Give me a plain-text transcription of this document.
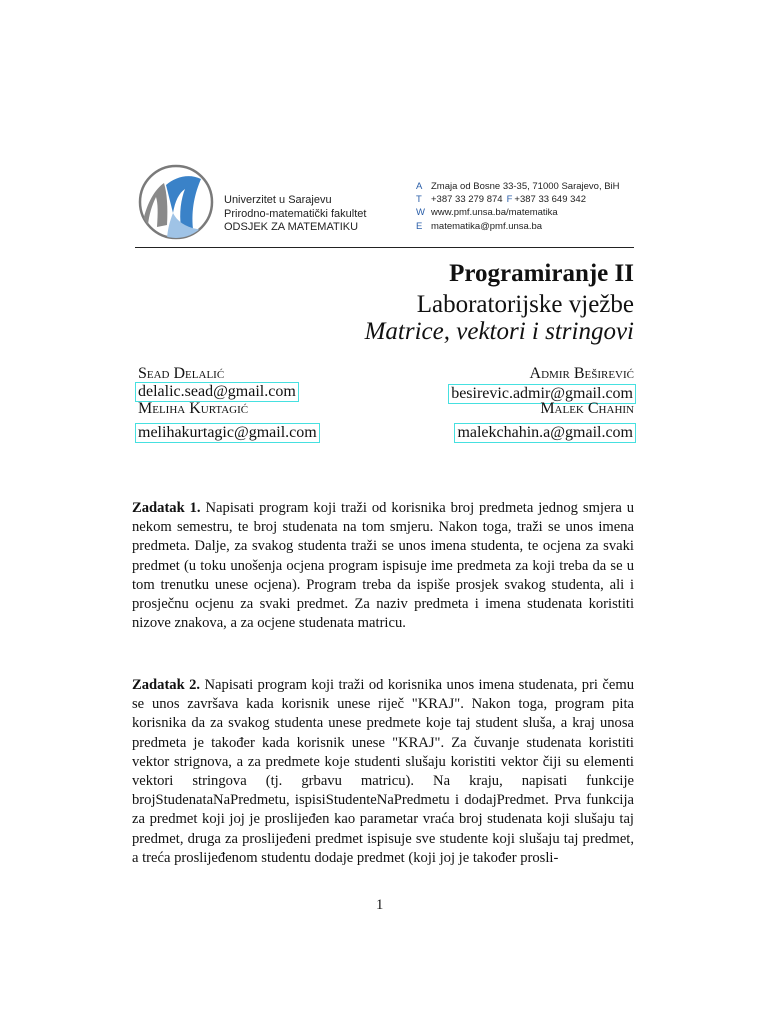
Univerzitet u Sarajevu
Prirodno-matematički fakultet
ODSJEK ZA MATEMATIKU
A Zmaja od Bosne 33-35, 71000 Sarajevo, BiH
T +387 33 279 874 F +387 33 649 342
W www.pmf.unsa.ba/matematika
E matematika@pmf.unsa.ba
Programiranje II
Laboratorijske vježbe
Matrice, vektori i stringovi
Sead Delalić
delalic.sead@gmail.com
Meliha Kurtagić
melihakurtagic@gmail.com
Admir Beširević
besirevic.admir@gmail.com
Malek Chahin
malekchahin.a@gmail.com
Zadatak 1. Napisati program koji traži od korisnika broj predmeta jednog smjera u nekom semestru, te broj studenata na tom smjeru. Nakon toga, traži se unos imena predmeta. Dalje, za svakog studenta traži se unos imena studenta, te ocjena za svaki predmet (u toku unošenja ocjena program ispisuje ime predmeta za koji treba da se u tom trenutku unese ocjena). Program treba da ispiše prosjek svakog studenta, ali i prosječnu ocjenu za svaki predmet. Za naziv predmeta i imena studenata koristiti nizove znakova, a za ocjene studenata matricu.
Zadatak 2. Napisati program koji traži od korisnika unos imena studenata, pri čemu se unos završava kada korisnik unese riječ "KRAJ". Nakon toga, program pita korisnika da za svakog studenta unese predmete koje taj student sluša, a kraj unosa predmeta je također kada korisnik unese "KRAJ". Za čuvanje studenata koristiti vektor strignova, a za predmete koje studenti slušaju koristiti vektor čiji su elementi vektori stringova (tj. grbavu matricu). Na kraju, napisati funkcije brojStudenataNaPredmetu, ispisiStudenteNaPredmetu i dodajPredmet. Prva funkcija za predmet koji joj je proslijeđen kao parametar vraća broj studenata koji slušaju taj predmet, druga za proslijeđeni predmet ispisuje sve studente koji slušaju taj predmet, a treća proslijeđenom studentu dodaje predmet (koji joj je također prosli-
1
